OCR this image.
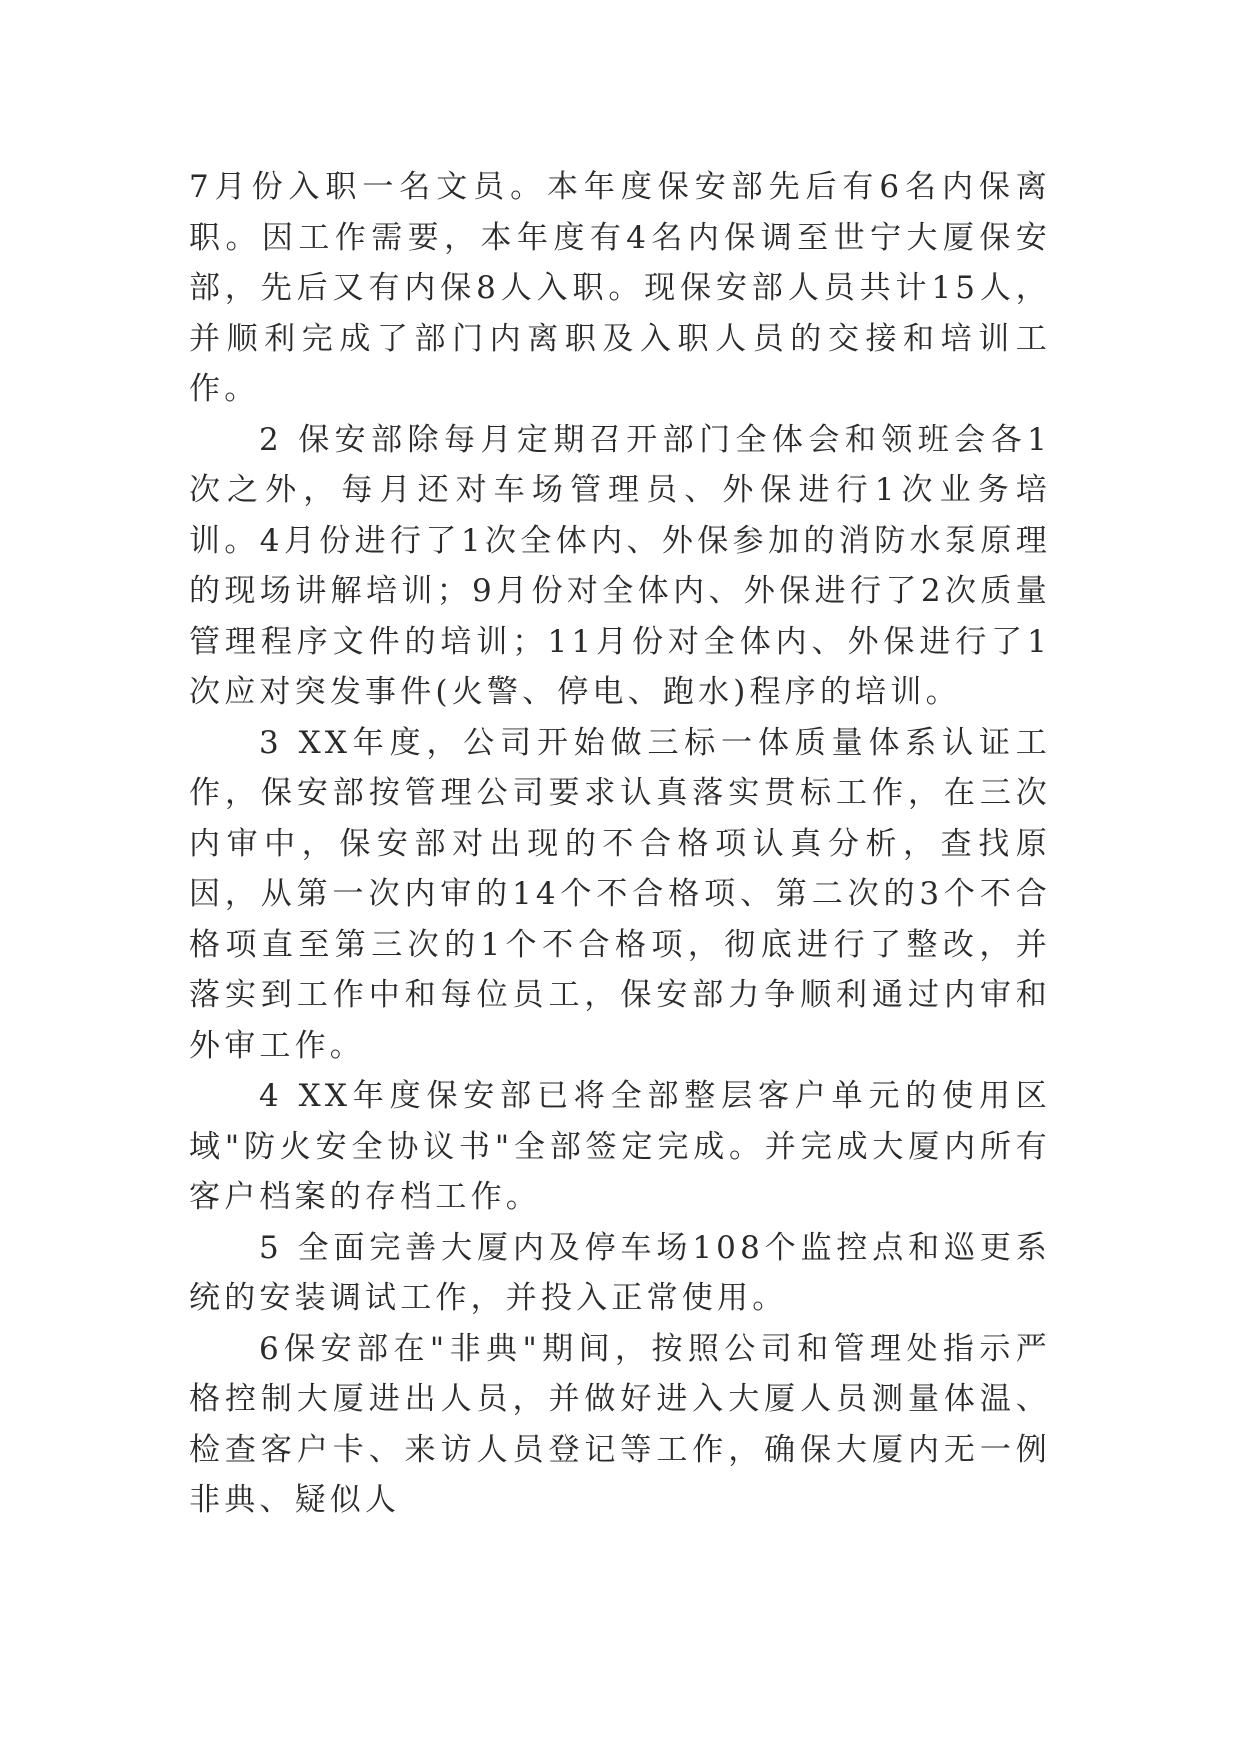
7月份入职一名文员。本年度保安部先后有6名内保离职。因工作需要，本年度有4名内保调至世宁大厦保安部，先后又有内保8人入职。现保安部人员共计15人，并顺利完成了部门内离职及入职人员的交接和培训工作。

2 保安部除每月定期召开部门全体会和领班会各1次之外，每月还对车场管理员、外保进行1次业务培训。4月份进行了1次全体内、外保参加的消防水泵原理的现场讲解培训；9月份对全体内、外保进行了2次质量管理程序文件的培训；11月份对全体内、外保进行了1次应对突发事件(火警、停电、跑水)程序的培训。

3 XX年度，公司开始做三标一体质量体系认证工作，保安部按管理公司要求认真落实贯标工作，在三次内审中，保安部对出现的不合格项认真分析，查找原因，从第一次内审的14个不合格项、第二次的3个不合格项直至第三次的1个不合格项，彻底进行了整改，并落实到工作中和每位员工，保安部力争顺利通过内审和外审工作。

4 XX年度保安部已将全部整层客户单元的使用区域"防火安全协议书"全部签定完成。并完成大厦内所有客户档案的存档工作。

5 全面完善大厦内及停车场108个监控点和巡更系统的安装调试工作，并投入正常使用。

6保安部在"非典"期间，按照公司和管理处指示严格控制大厦进出人员，并做好进入大厦人员测量体温、检查客户卡、来访人员登记等工作，确保大厦内无一例非典、疑似人
